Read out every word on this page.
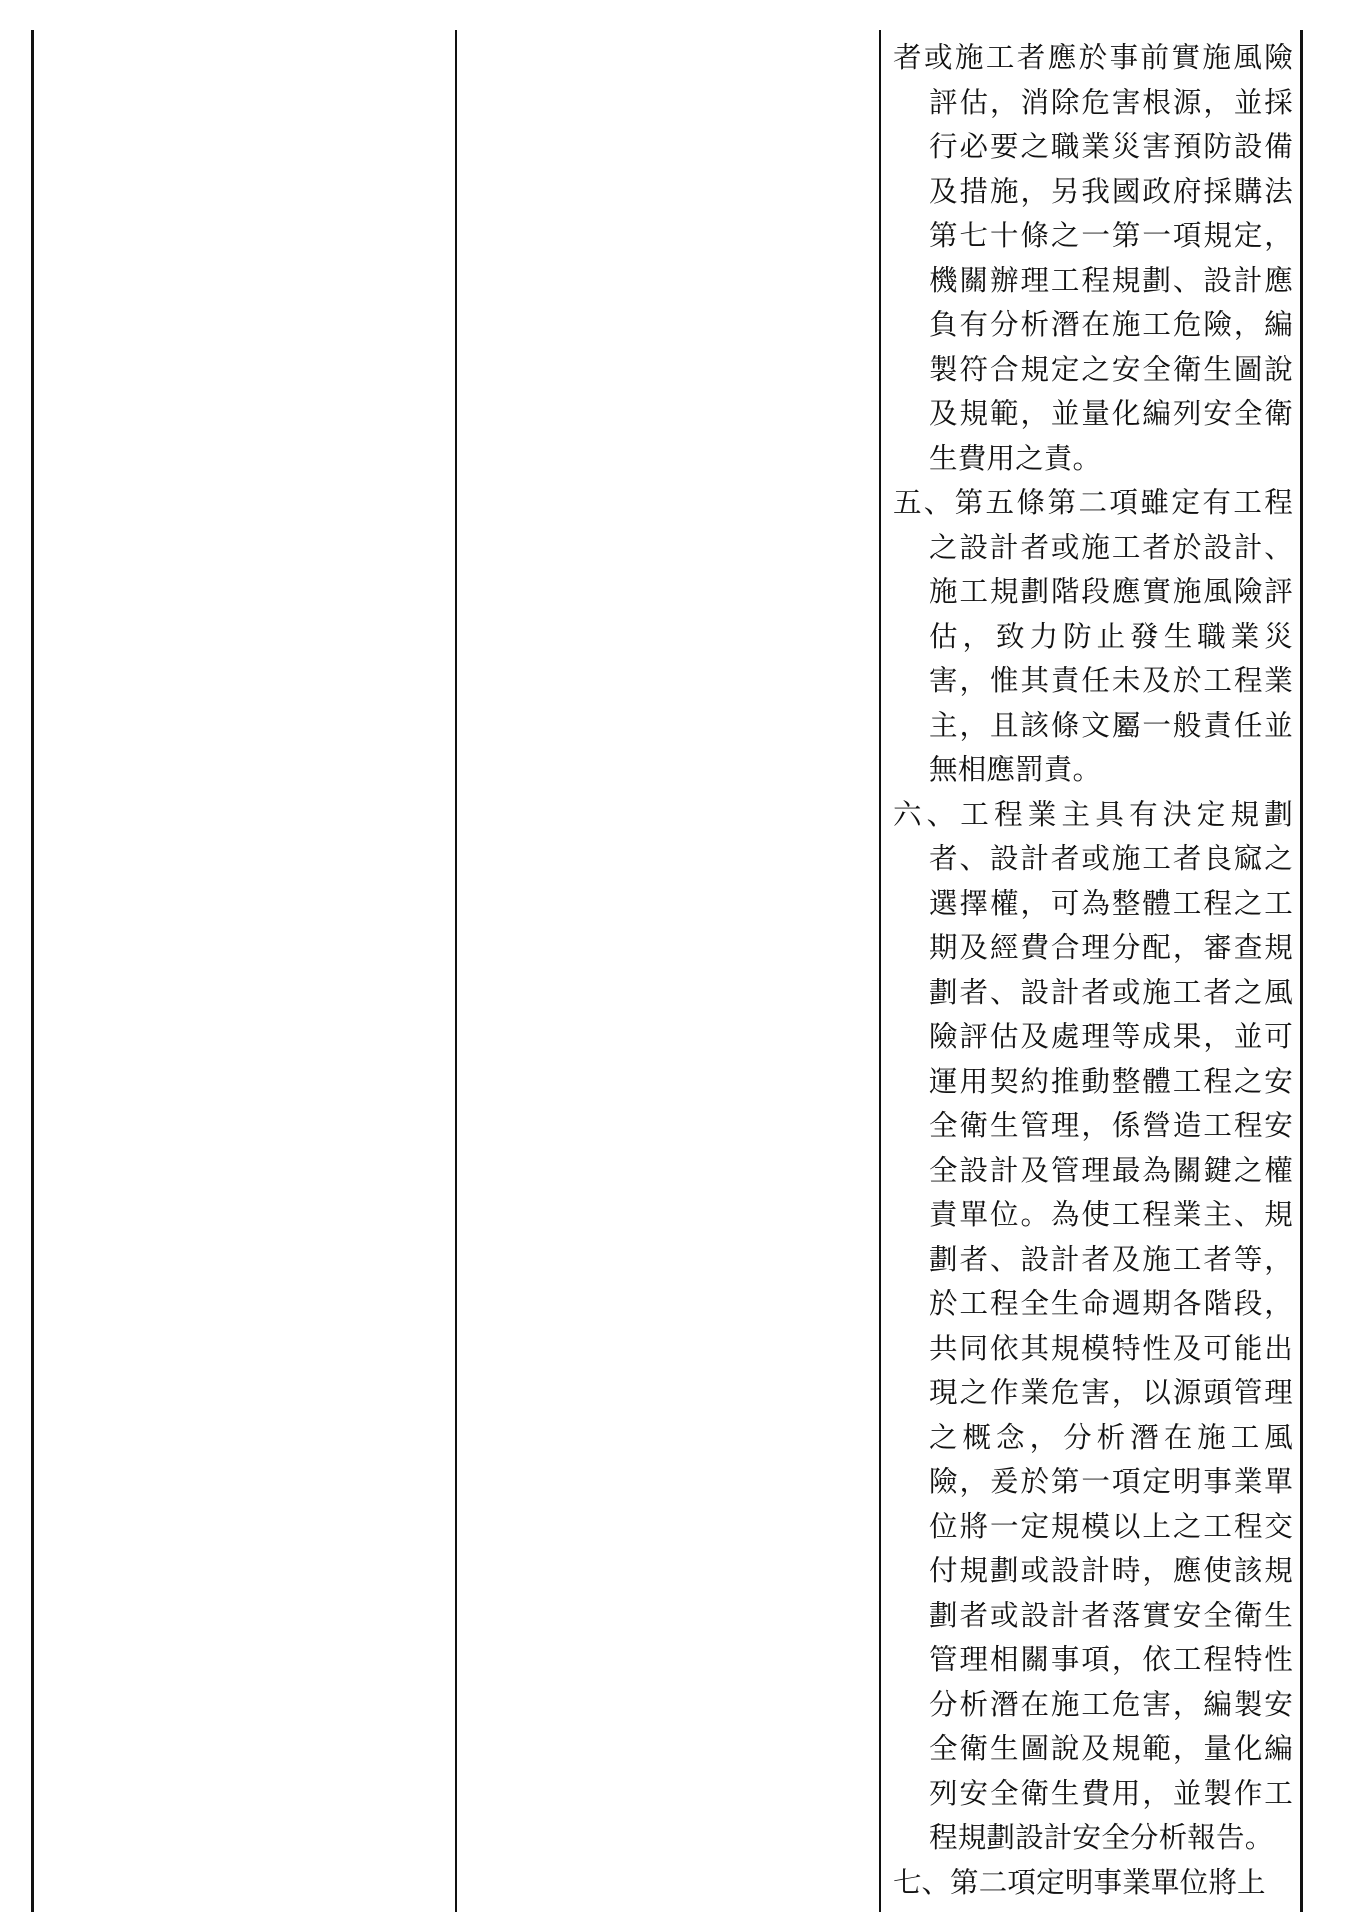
者或施工者應於事前實施風險評估，消除危害根源，並採行必要之職業災害預防設備及措施，另我國政府採購法第七十條之一第一項規定，機關辦理工程規劃、設計應負有分析潛在施工危險，編製符合規定之安全衛生圖說及規範，並量化編列安全衛生費用之責。

五、第五條第二項雖定有工程之設計者或施工者於設計、施工規劃階段應實施風險評估，致力防止發生職業災害，惟其責任未及於工程業主，且該條文屬一般責任並無相應罰責。

六、工程業主具有決定規劃者、設計者或施工者良窳之選擇權，可為整體工程之工期及經費合理分配，審查規劃者、設計者或施工者之風險評估及處理等成果，並可運用契約推動整體工程之安全衛生管理，係營造工程安全設計及管理最為關鍵之權責單位。為使工程業主、規劃者、設計者及施工者等，於工程全生命週期各階段，共同依其規模特性及可能出現之作業危害，以源頭管理之概念，分析潛在施工風險，爰於第一項定明事業單位將一定規模以上之工程交付規劃或設計時，應使該規劃者或設計者落實安全衛生管理相關事項，依工程特性分析潛在施工危害，編製安全衛生圖說及規範，量化編列安全衛生費用，並製作工程規劃設計安全分析報告。

七、第二項定明事業單位將上
